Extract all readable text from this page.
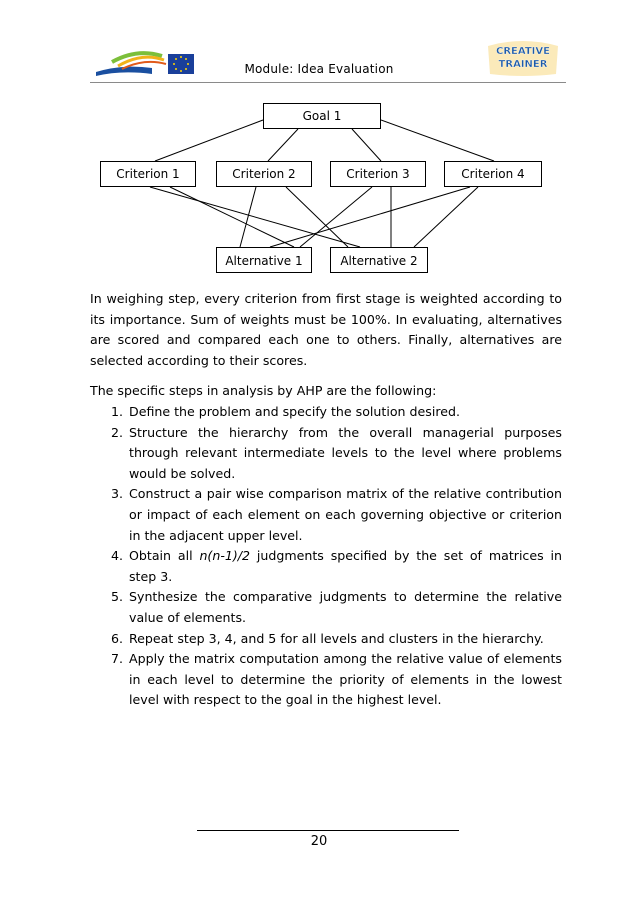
CREATIVE
TRAINER
Module: Idea Evaluation
Goal 1
Criterion 1	Criterion 2	Criterion 3	Criterion 4
Alternative 1	Alternative 2
In weighing step, every criterion from first stage is weighted according to its importance. Sum of weights must be 100%. In evaluating, alternatives are scored and compared each one to others. Finally, alternatives are selected according to their scores.
The specific steps in analysis by AHP are the following:
1. Define the problem and specify the solution desired.
2. Structure the hierarchy from the overall managerial purposes through relevant intermediate levels to the level where problems would be solved.
3. Construct a pair wise comparison matrix of the relative contribution or impact of each element on each governing objective or criterion in the adjacent upper level.
4. Obtain all n(n-1)/2 judgments specified by the set of matrices in step 3.
5. Synthesize the comparative judgments to determine the relative value of elements.
6. Repeat step 3, 4, and 5 for all levels and clusters in the hierarchy.
7. Apply the matrix computation among the relative value of elements in each level to determine the priority of elements in the lowest level with respect to the goal in the highest level.
20
